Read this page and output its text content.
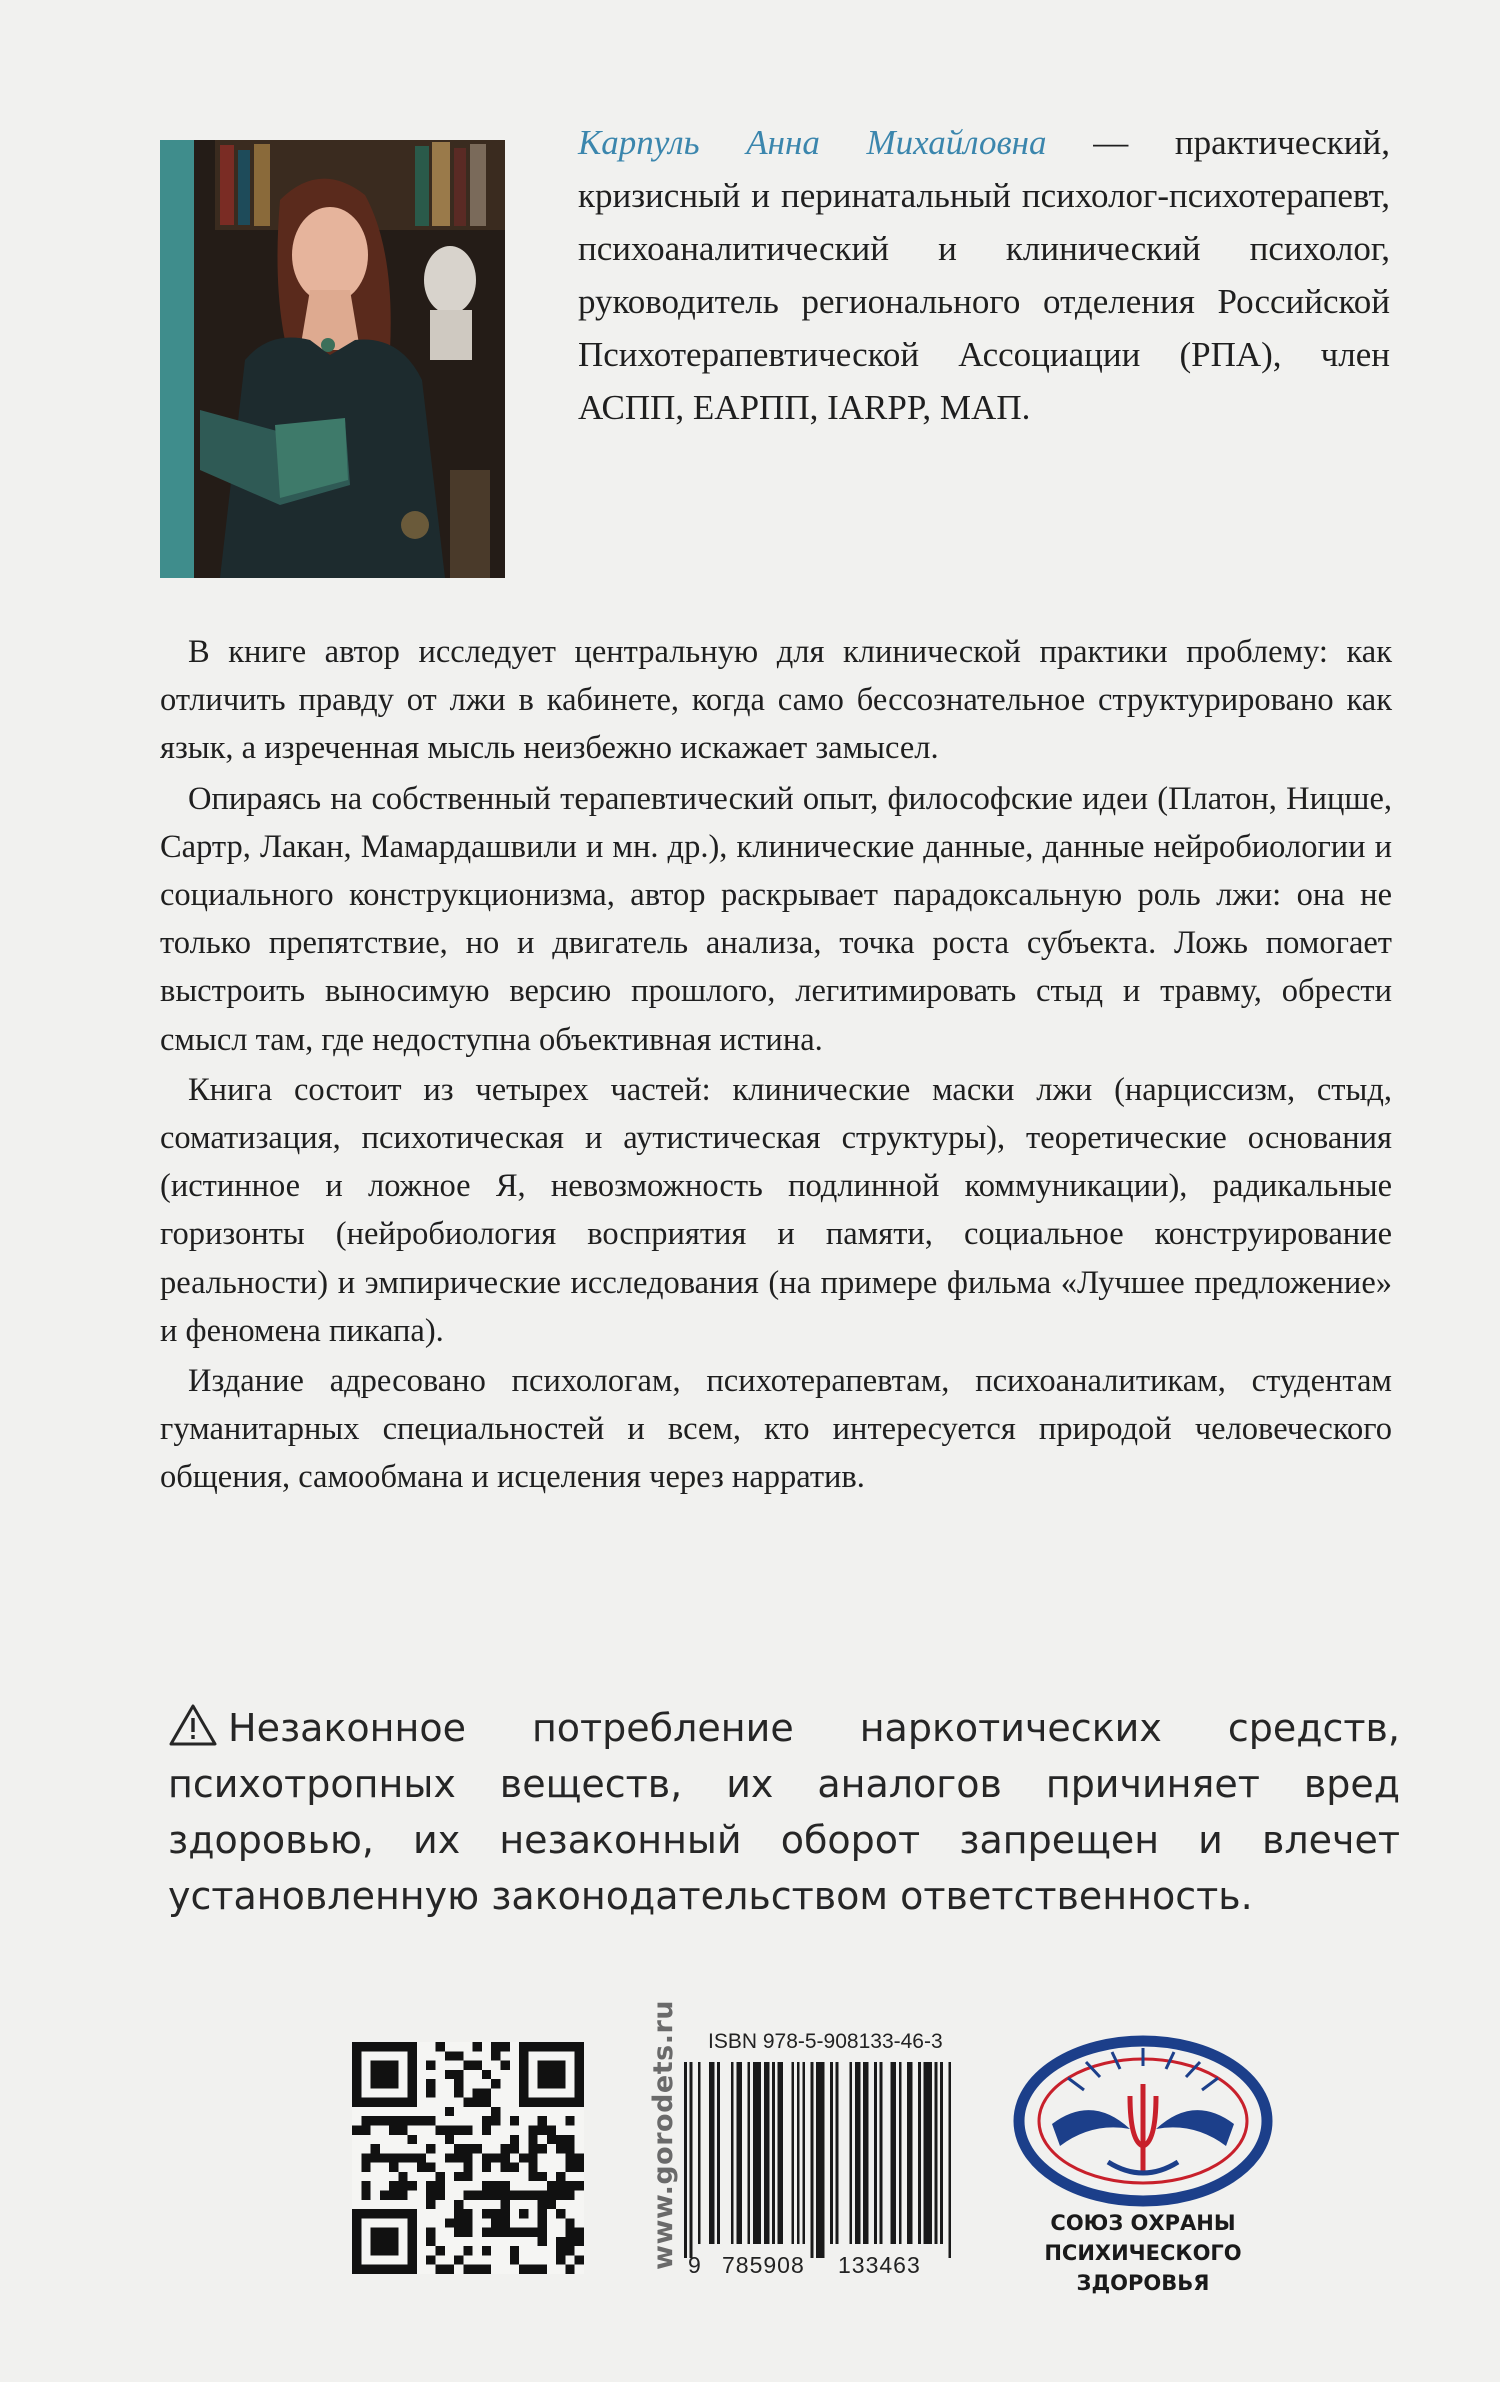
Карпуль Анна Михайловна — практический, кризисный и перинатальный психолог-психотерапевт, психоаналитический и клинический психолог, руководитель регионального отделения Российской Психотерапевтической Ассоциации (РПА), член АСПП, ЕАРПП, IARPP, МАП.

В книге автор исследует центральную для клинической практики проблему: как отличить правду от лжи в кабинете, когда само бессознательное структурировано как язык, а изреченная мысль неизбежно искажает замысел.

Опираясь на собственный терапевтический опыт, философские идеи (Платон, Ницше, Сартр, Лакан, Мамардашвили и мн. др.), клинические данные, данные нейробиологии и социального конструкционизма, автор раскрывает парадоксальную роль лжи: она не только препятствие, но и двигатель анализа, точка роста субъекта. Ложь помогает выстроить выносимую версию прошлого, легитимировать стыд и травму, обрести смысл там, где недоступна объективная истина.

Книга состоит из четырех частей: клинические маски лжи (нарциссизм, стыд, соматизация, психотическая и аутистическая структуры), теоретические основания (истинное и ложное Я, невозможность подлинной коммуникации), радикальные горизонты (нейробиология восприятия и памяти, социальное конструирование реальности) и эмпирические исследования (на примере фильма «Лучшее предложение» и феномена пикапа).

Издание адресовано психологам, психотерапевтам, психоаналитикам, студентам гуманитарных специальностей и всем, кто интересуется природой человеческого общения, самообмана и исцеления через нарратив.

Незаконное потребление наркотических средств, психотропных веществ, их аналогов причиняет вред здоровью, их незаконный оборот запрещен и влечет установленную законодательством ответственность.

www.gorodets.ru ISBN 978-5-908133-46-3
9 785908 133463
СОЮЗ ОХРАНЫ
ПСИХИЧЕСКОГО ЗДОРОВЬЯ
